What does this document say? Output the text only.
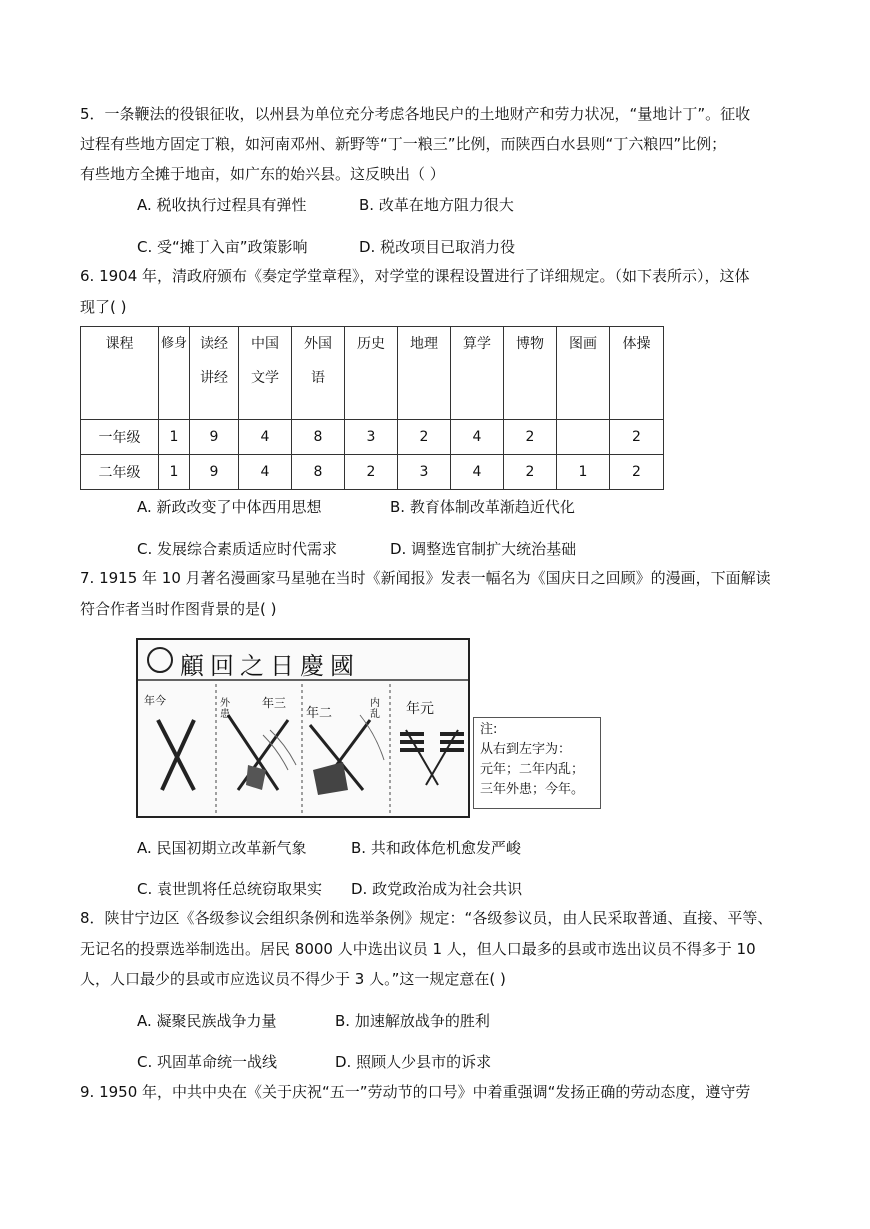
5．一条鞭法的役银征收，以州县为单位充分考虑各地民户的土地财产和劳力状况，“量地计丁”。征收
过程有些地方固定丁粮，如河南邓州、新野等“丁一粮三”比例，而陕西白水县则“丁六粮四”比例；
有些地方全摊于地亩，如广东的始兴县。这反映出（ ）
A. 税收执行过程具有弹性	B. 改革在地方阻力很大
C. 受“摊丁入亩”政策影响	D. 税改项目已取消力役
6. 1904 年，清政府颁布《奏定学堂章程》，对学堂的课程设置进行了详细规定。（如下表所示），这体
现了( )
课程	修身	读经讲经	中国文学	外国语	历史	地理	算学	博物	图画	体操
一年级	1	9	4	8	3	2	4	2		2
二年级	1	9	4	8	2	3	4	2	1	2
A. 新政改变了中体西用思想	B. 教育体制改革渐趋近代化
C. 发展综合素质适应时代需求	D. 调整选官制扩大统治基础
7. 1915 年 10 月著名漫画家马星驰在当时《新闻报》发表一幅名为《国庆日之回顾》的漫画，下面解读
符合作者当时作图背景的是( )
國慶日之回顧
年今	外患
年三
年二
内乱 年元
注:
从右到左字为：
元年；二年内乱；
三年外患；今年。
A. 民国初期立改革新气象	B. 共和政体危机愈发严峻
C. 袁世凯将任总统窃取果实 D. 政党政治成为社会共识
8．陕甘宁边区《各级参议会组织条例和选举条例》规定：“各级参议员，由人民采取普通、直接、平等、
无记名的投票选举制选出。居民 8000 人中选出议员 1 人，但人口最多的县或市选出议员不得多于 10
人，人口最少的县或市应选议员不得少于 3 人。”这一规定意在( )
A. 凝聚民族战争力量	B. 加速解放战争的胜利
C. 巩固革命统一战线	D. 照顾人少县市的诉求
9. 1950 年，中共中央在《关于庆祝“五一”劳动节的口号》中着重强调“发扬正确的劳动态度，遵守劳
